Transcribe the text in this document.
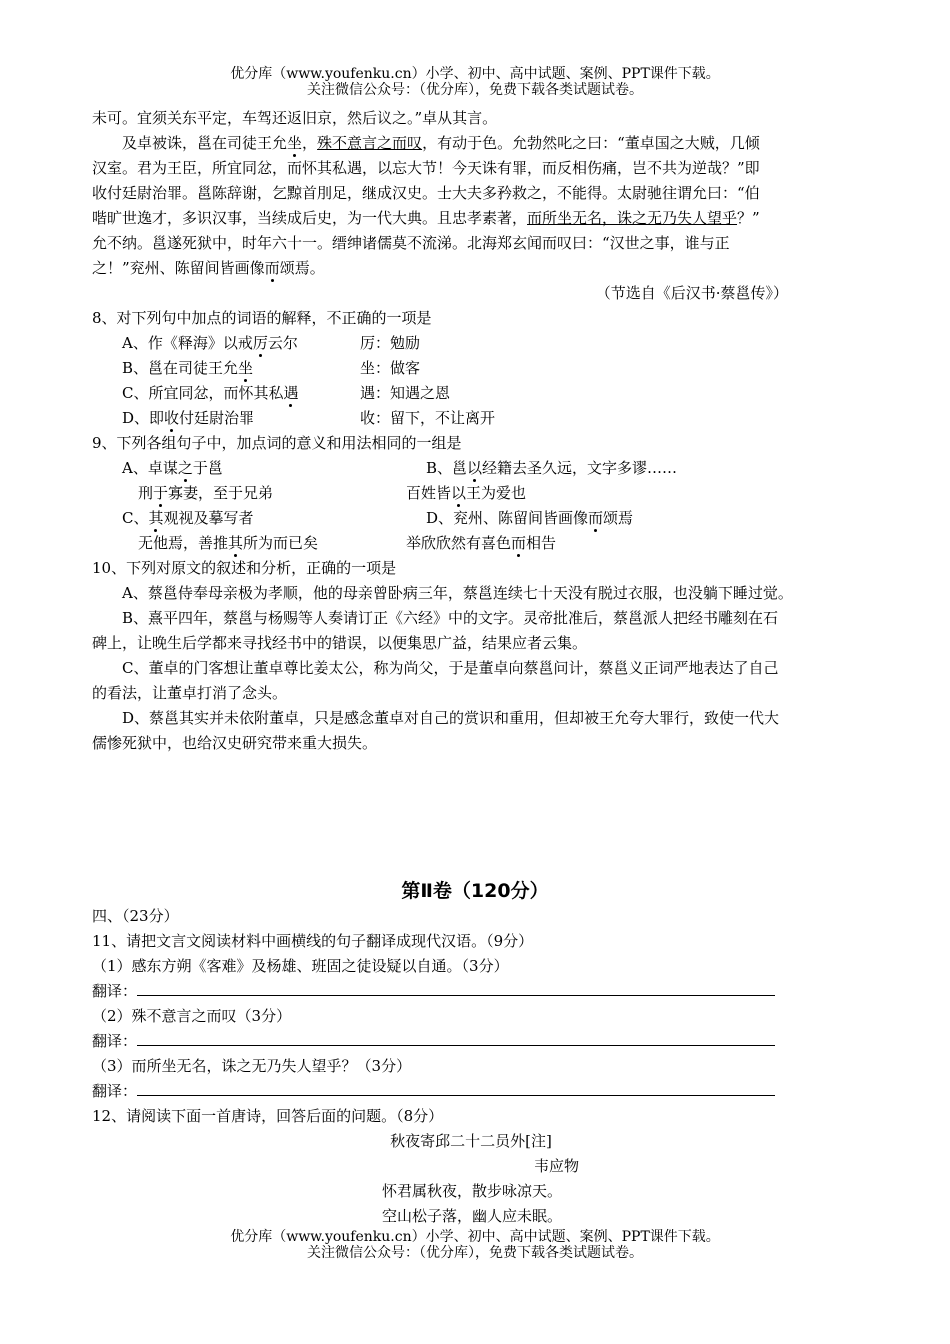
优分库（www.youfenku.cn）小学、初中、高中试题、案例、PPT课件下载。
关注微信公众号：（优分库），免费下载各类试题试卷。
未可。宜须关东平定，车驾还返旧京，然后议之。”卓从其言。
及卓被诛，邕在司徒王允坐，殊不意言之而叹，有动于色。允勃然叱之曰：“董卓国之大贼，几倾
汉室。君为王臣，所宜同忿，而怀其私遇，以忘大节！今天诛有罪，而反相伤痛，岂不共为逆哉？”即
收付廷尉治罪。邕陈辞谢，乞黥首刖足，继成汉史。士大夫多矜救之，不能得。太尉驰往谓允曰：“伯
喈旷世逸才，多识汉事，当续成后史，为一代大典。且忠孝素著，而所坐无名，诛之无乃失人望乎？”
允不纳。邕遂死狱中，时年六十一。缙绅诸儒莫不流涕。北海郑玄闻而叹曰：“汉世之事，谁与正
之！”兖州、陈留间皆画像而颂焉。
（节选自《后汉书·蔡邕传》）
8、对下列句中加点的词语的解释，不正确的一项是
A、作《释海》以戒厉云尔	厉：勉励
B、邕在司徒王允坐	坐：做客
C、所宜同忿，而怀其私遇	遇：知遇之恩
D、即收付廷尉治罪	收：留下，不让离开
9、下列各组句子中，加点词的意义和用法相同的一组是
A、卓谋之于邕	B、邕以经籍去圣久远，文字多谬……
刑于寡妻，至于兄弟	百姓皆以王为爱也
C、其观视及摹写者	D、兖州、陈留间皆画像而颂焉
无他焉，善推其所为而已矣	举欣欣然有喜色而相告
10、下列对原文的叙述和分析，正确的一项是
A、蔡邕侍奉母亲极为孝顺，他的母亲曾卧病三年，蔡邕连续七十天没有脱过衣服，也没躺下睡过觉。
B、熹平四年，蔡邕与杨赐等人奏请订正《六经》中的文字。灵帝批准后，蔡邕派人把经书雕刻在石
碑上，让晚生后学都来寻找经书中的错误，以便集思广益，结果应者云集。
C、董卓的门客想让董卓尊比姜太公，称为尚父，于是董卓向蔡邕问计，蔡邕义正词严地表达了自己
的看法，让董卓打消了念头。
D、蔡邕其实并未依附董卓，只是感念董卓对自己的赏识和重用，但却被王允夸大罪行，致使一代大
儒惨死狱中，也给汉史研究带来重大损失。
第Ⅱ卷（120分）
四、（23分）
11、请把文言文阅读材料中画横线的句子翻译成现代汉语。（9分）
（1）感东方朔《客难》及杨雄、班固之徒设疑以自通。（3分）
翻译：
（2）殊不意言之而叹（3分）
翻译：
（3）而所坐无名，诛之无乃失人望乎？（3分）
翻译：
12、请阅读下面一首唐诗，回答后面的问题。（8分）
秋夜寄邱二十二员外[注]
韦应物
怀君属秋夜，散步咏凉天。
空山松子落，幽人应未眠。
优分库（www.youfenku.cn）小学、初中、高中试题、案例、PPT课件下载。
关注微信公众号：（优分库），免费下载各类试题试卷。
